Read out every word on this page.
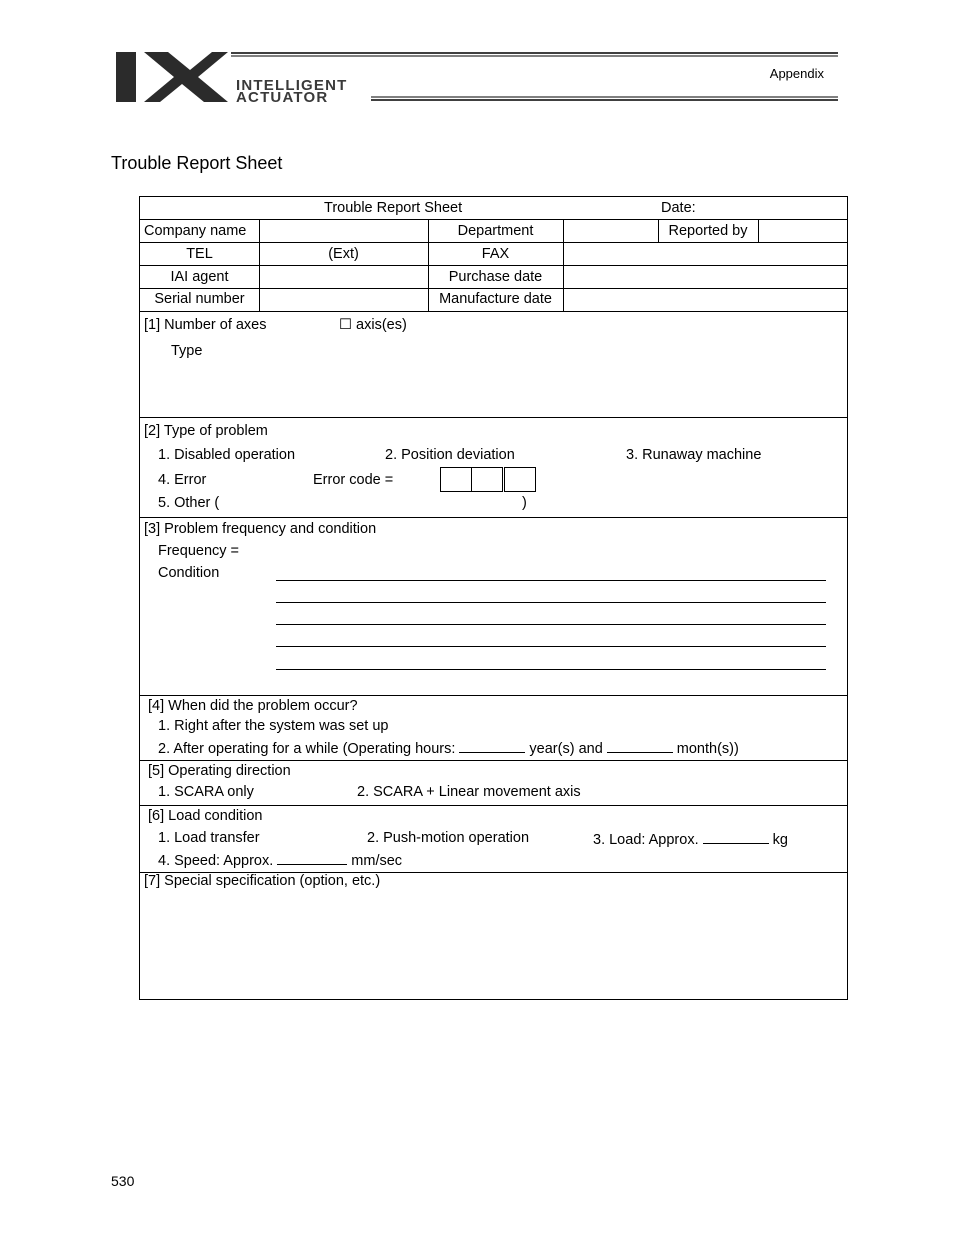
INTELLIGENT
ACTUATOR
Appendix
Trouble Report Sheet
Trouble Report Sheet	Date:
Company name	Department	Reported by
TEL	(Ext)	FAX
IAI agent	Purchase date
Serial number	Manufacture date
[1] Number of axes	☐ axis(es)
Type
[2] Type of problem
1. Disabled operation	2. Position deviation	3. Runaway machine
4. Error	Error code =
5. Other (	)
[3] Problem frequency and condition
Frequency =
Condition
[4] When did the problem occur?
1. Right after the system was set up
2. After operating for a while (Operating hours:	year(s) and	month(s))
[5] Operating direction
1. SCARA only	2. SCARA + Linear movement axis
[6] Load condition
1. Load transfer	2. Push-motion operation	3. Load: Approx.	kg
4. Speed: Approx.	mm/sec
[7] Special specification (option, etc.)
530
